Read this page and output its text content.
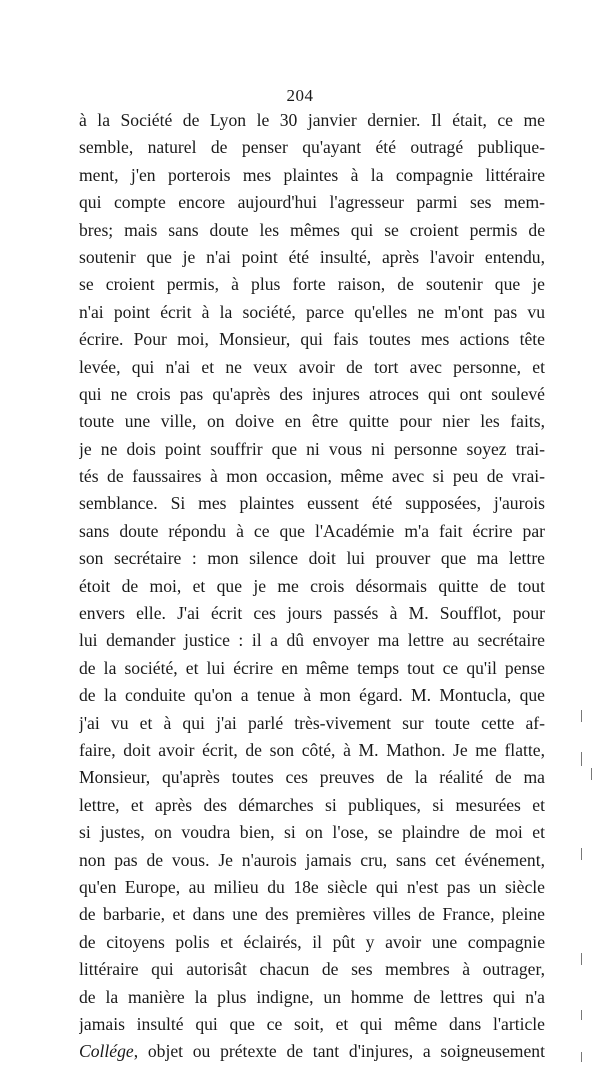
204
à la Société de Lyon le 30 janvier dernier. Il était, ce me
semble, naturel de penser qu'ayant été outragé publique-
ment, j'en porterois mes plaintes à la compagnie littéraire
qui compte encore aujourd'hui l'agresseur parmi ses mem-
bres; mais sans doute les mêmes qui se croient permis de
soutenir que je n'ai point été insulté, après l'avoir entendu,
se croient permis, à plus forte raison, de soutenir que je
n'ai point écrit à la société, parce qu'elles ne m'ont pas vu
écrire. Pour moi, Monsieur, qui fais toutes mes actions tête
levée, qui n'ai et ne veux avoir de tort avec personne, et
qui ne crois pas qu'après des injures atroces qui ont soulevé
toute une ville, on doive en être quitte pour nier les faits,
je ne dois point souffrir que ni vous ni personne soyez trai-
tés de faussaires à mon occasion, même avec si peu de vrai-
semblance. Si mes plaintes eussent été supposées, j'aurois
sans doute répondu à ce que l'Académie m'a fait écrire par
son secrétaire : mon silence doit lui prouver que ma lettre
étoit de moi, et que je me crois désormais quitte de tout
envers elle. J'ai écrit ces jours passés à M. Soufflot, pour
lui demander justice : il a dû envoyer ma lettre au secrétaire
de la société, et lui écrire en même temps tout ce qu'il pense
de la conduite qu'on a tenue à mon égard. M. Montucla, que
j'ai vu et à qui j'ai parlé très-vivement sur toute cette af-
faire, doit avoir écrit, de son côté, à M. Mathon. Je me flatte,
Monsieur, qu'après toutes ces preuves de la réalité de ma
lettre, et après des démarches si publiques, si mesurées et
si justes, on voudra bien, si on l'ose, se plaindre de moi et
non pas de vous. Je n'aurois jamais cru, sans cet événement,
qu'en Europe, au milieu du 18e siècle qui n'est pas un siècle
de barbarie, et dans une des premières villes de France, pleine
de citoyens polis et éclairés, il pût y avoir une compagnie
littéraire qui autorisât chacun de ses membres à outrager,
de la manière la plus indigne, un homme de lettres qui n'a
jamais insulté qui que ce soit, et qui même dans l'article
Collége, objet ou prétexte de tant d'injures, a soigneusement
